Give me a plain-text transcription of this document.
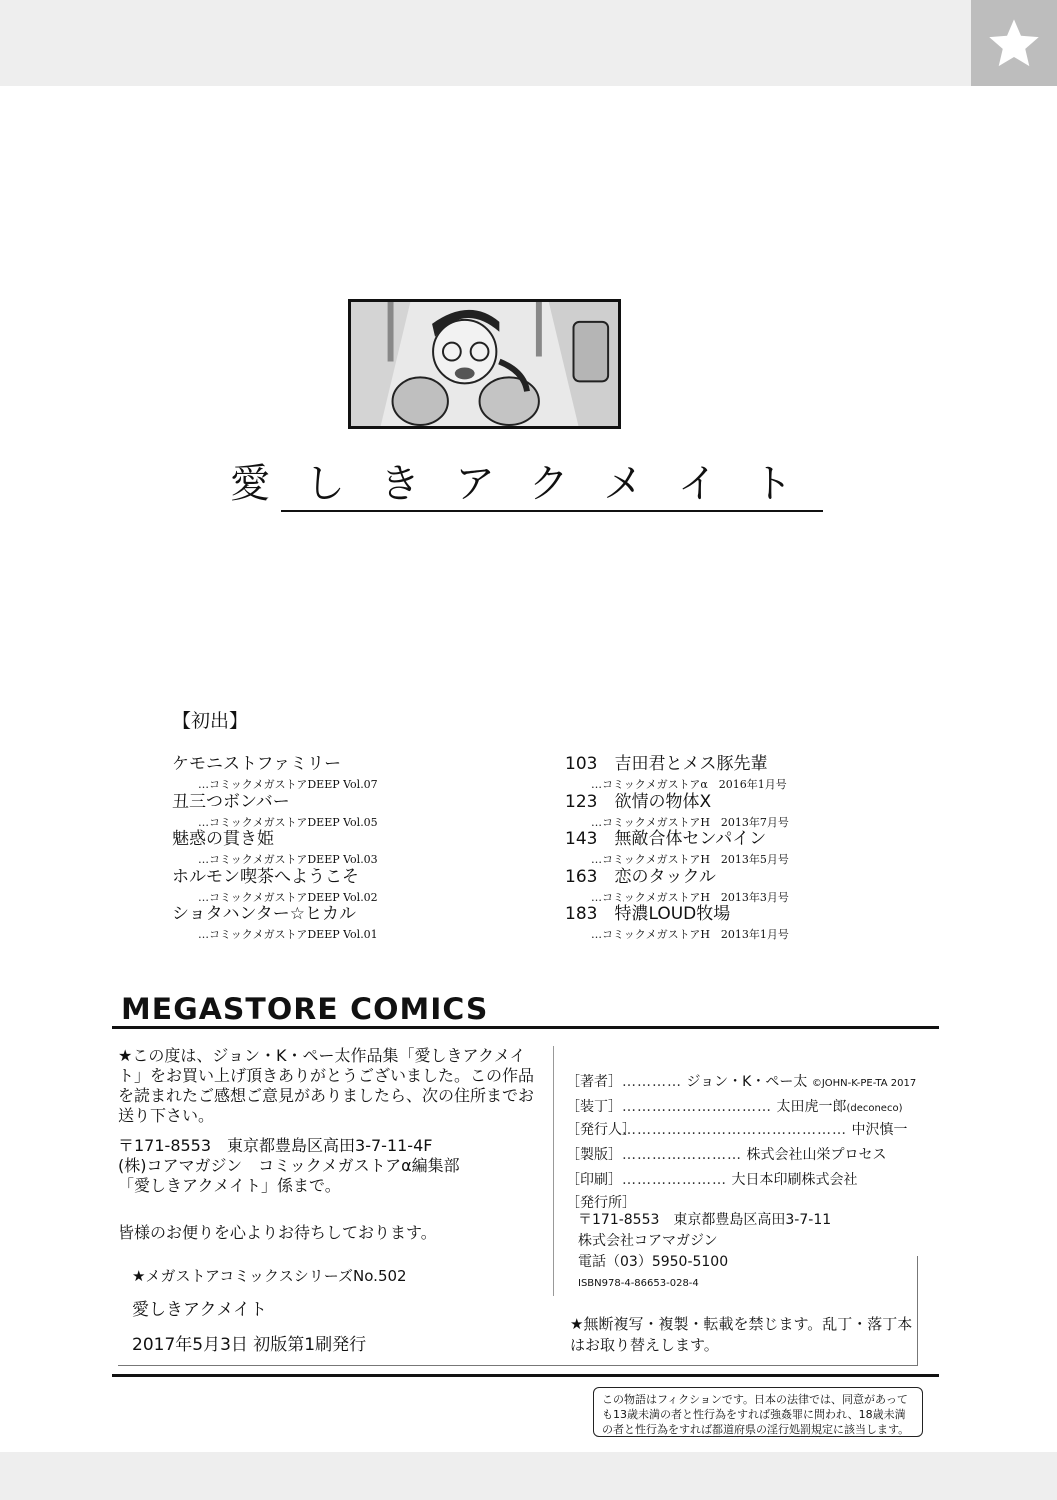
愛しきアクメイト
【初出】
ケモニストファミリー
…コミックメガストアDEEP Vol.07
丑三つボンバー
…コミックメガストアDEEP Vol.05
魅惑の貫き姫
…コミックメガストアDEEP Vol.03
ホルモン喫茶へようこそ
…コミックメガストアDEEP Vol.02
ショタハンター☆ヒカル
…コミックメガストアDEEP Vol.01
103　吉田君とメス豚先輩
…コミックメガストアα　2016年1月号
123　欲情の物体X
…コミックメガストアH　2013年7月号
143　無敵合体センパイン
…コミックメガストアH　2013年5月号
163　恋のタックル
…コミックメガストアH　2013年3月号
183　特濃LOUD牧場
…コミックメガストアH　2013年1月号
MEGASTORE COMICS
★この度は、ジョン・K・ペー太作品集「愛しきアクメイト」をお買い上げ頂きありがとうございました。この作品を読まれたご感想ご意見がありましたら、次の住所までお送り下さい。
〒171-8553　東京都豊島区高田3-7-11-4F
(株)コアマガジン　コミックメガストアα編集部
「愛しきアクメイト」係まで。
皆様のお便りを心よりお待ちしております。
★メガストアコミックスシリーズNo.502
愛しきアクメイト
2017年5月3日 初版第1刷発行
［著者］………… ジョン・K・ペー太 ©JOHN-K-PE-TA 2017
［装丁］………………………… 太田虎一郎(deconeco)
［発行人］……………………………………… 中沢慎一
［製版］…………………… 株式会社山栄プロセス
［印刷］………………… 大日本印刷株式会社
［発行所］
〒171-8553　東京都豊島区高田3-7-11
株式会社コアマガジン
電話（03）5950-5100
ISBN978-4-86653-028-4
★無断複写・複製・転載を禁じます。乱丁・落丁本はお取り替えします。
この物語はフィクションです。日本の法律では、同意があっても13歳未満の者と性行為をすれば強姦罪に問われ、18歳未満の者と性行為をすれば都道府県の淫行処罰規定に該当します。
